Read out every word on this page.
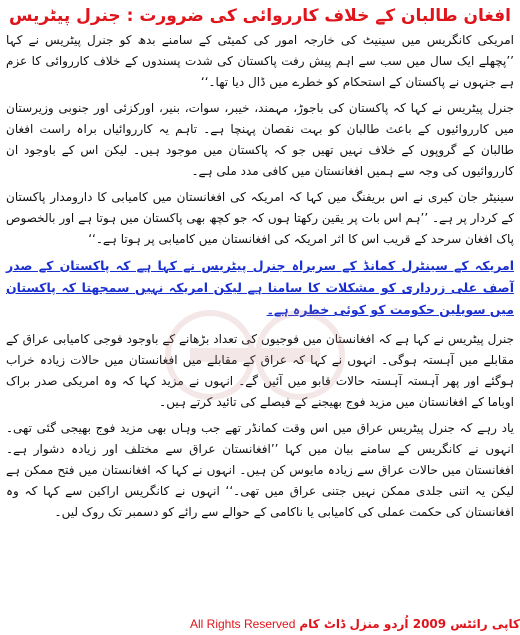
افغان طالبان کے خلاف کارروائی کی ضرورت : جنرل پیٹریس

امریکی کانگریس میں سینیٹ کی خارجہ امور کی کمیٹی کے سامنے بدھ کو جنرل پیٹریس نے کہا ’’پچھلے ایک سال میں سب سے اہم پیش رفت پاکستان کی شدت پسندوں کے خلاف کارروائی کا عزم ہے جنہوں نے پاکستان کے استحکام کو خطرے میں ڈال دیا تھا۔‘‘

جنرل پیٹریس نے کہا کہ پاکستان کی باجوڑ، مہمند، خیبر، سوات، بنیر، اورکزئی اور جنوبی وزیرستان میں کارروائیوں کے باعث طالبان کو بہت نقصان پہنچا ہے۔ تاہم یہ کارروائیاں براہ راست افغان طالبان کے گروپوں کے خلاف نہیں تھیں جو کہ پاکستان میں موجود ہیں۔ لیکن اس کے باوجود ان کارروائیوں کی وجہ سے ہمیں افغانستان میں کافی مدد ملی ہے۔

سینیٹر جان کیری نے اس بریفنگ میں کہا کہ امریکہ کی افغانستان میں کامیابی کا دارومدار پاکستان کے کردار پر ہے۔ ’’ہم اس بات پر یقین رکھتا ہوں کہ جو کچھ بھی پاکستان میں ہوتا ہے اور بالخصوص پاک افغان سرحد کے قریب اس کا اثر امریکہ کی افغانستان میں کامیابی پر ہوتا ہے۔‘‘

امریکہ کے سینٹرل کمانڈ کے سربراہ جنرل پیٹریس نے کہا ہے کہ پاکستان کے صدر آصف علی زرداری کو مشکلات کا سامنا ہے لیکن امریکہ نہیں سمجھتا کہ پاکستان میں سویلین حکومت کو کوئی خطرہ ہے۔

جنرل پیٹریس نے کہا ہے کہ افغانستان میں فوجیوں کی تعداد بڑھانے کے باوجود فوجی کامیابی عراق کے مقابلے میں آہستہ ہوگی۔ انہوں نے کہا کہ عراق کے مقابلے میں افغانستان میں حالات زیادہ خراب ہوگئے اور پھر آہستہ آہستہ حالات قابو میں آئیں گے۔ انہوں نے مزید کہا کہ وہ امریکی صدر براک اوباما کے افغانستان میں مزید فوج بھیجنے کے فیصلے کی تائید کرتے ہیں۔

یاد رہے کہ جنرل پیٹریس عراق میں اس وقت کمانڈر تھے جب وہاں بھی مزید فوج بھیجی گئی تھی۔ انہوں نے کانگریس کے سامنے بیان میں کہا ’’افغانستان عراق سے مختلف اور زیادہ دشوار ہے۔ افغانستان میں حالات عراق سے زیادہ مایوس کن ہیں۔ انہوں نے کہا کہ افغانستان میں فتح ممکن ہے لیکن یہ اتنی جلدی ممکن نہیں جتنی عراق میں تھی۔‘‘ انہوں نے کانگریس اراکین سے کہا کہ وہ افغانستان کی حکمت عملی کی کامیابی یا ناکامی کے حوالے سے رائے کو دسمبر تک روک لیں۔

All Rights Reserved کاپی رائٹس 2009 اُردو منزل ڈاٹ کام
